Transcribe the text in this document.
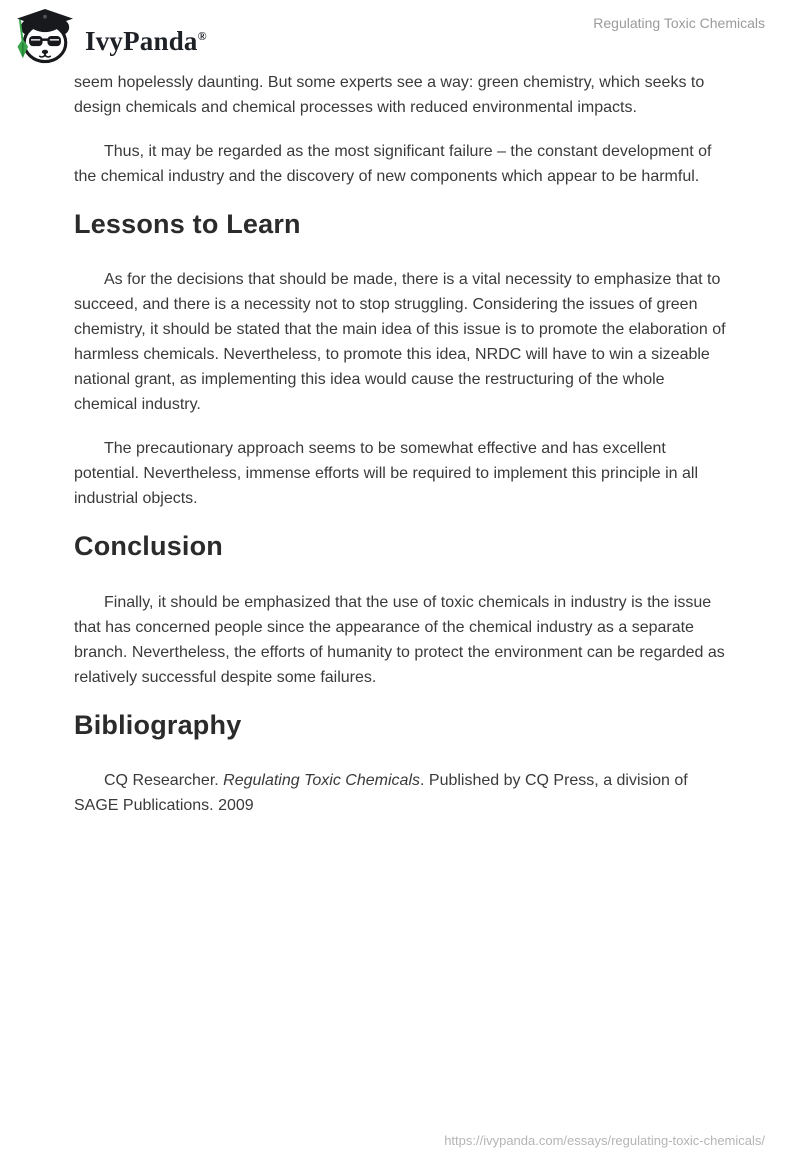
IvyPanda®
Regulating Toxic Chemicals

seem hopelessly daunting. But some experts see a way: green chemistry, which seeks to design chemicals and chemical processes with reduced environmental impacts.

Thus, it may be regarded as the most significant failure – the constant development of the chemical industry and the discovery of new components which appear to be harmful.

Lessons to Learn

As for the decisions that should be made, there is a vital necessity to emphasize that to succeed, and there is a necessity not to stop struggling. Considering the issues of green chemistry, it should be stated that the main idea of this issue is to promote the elaboration of harmless chemicals. Nevertheless, to promote this idea, NRDC will have to win a sizeable national grant, as implementing this idea would cause the restructuring of the whole chemical industry.

The precautionary approach seems to be somewhat effective and has excellent potential. Nevertheless, immense efforts will be required to implement this principle in all industrial objects.

Conclusion

Finally, it should be emphasized that the use of toxic chemicals in industry is the issue that has concerned people since the appearance of the chemical industry as a separate branch. Nevertheless, the efforts of humanity to protect the environment can be regarded as relatively successful despite some failures.

Bibliography

CQ Researcher. Regulating Toxic Chemicals. Published by CQ Press, a division of SAGE Publications. 2009

https://ivypanda.com/essays/regulating-toxic-chemicals/
